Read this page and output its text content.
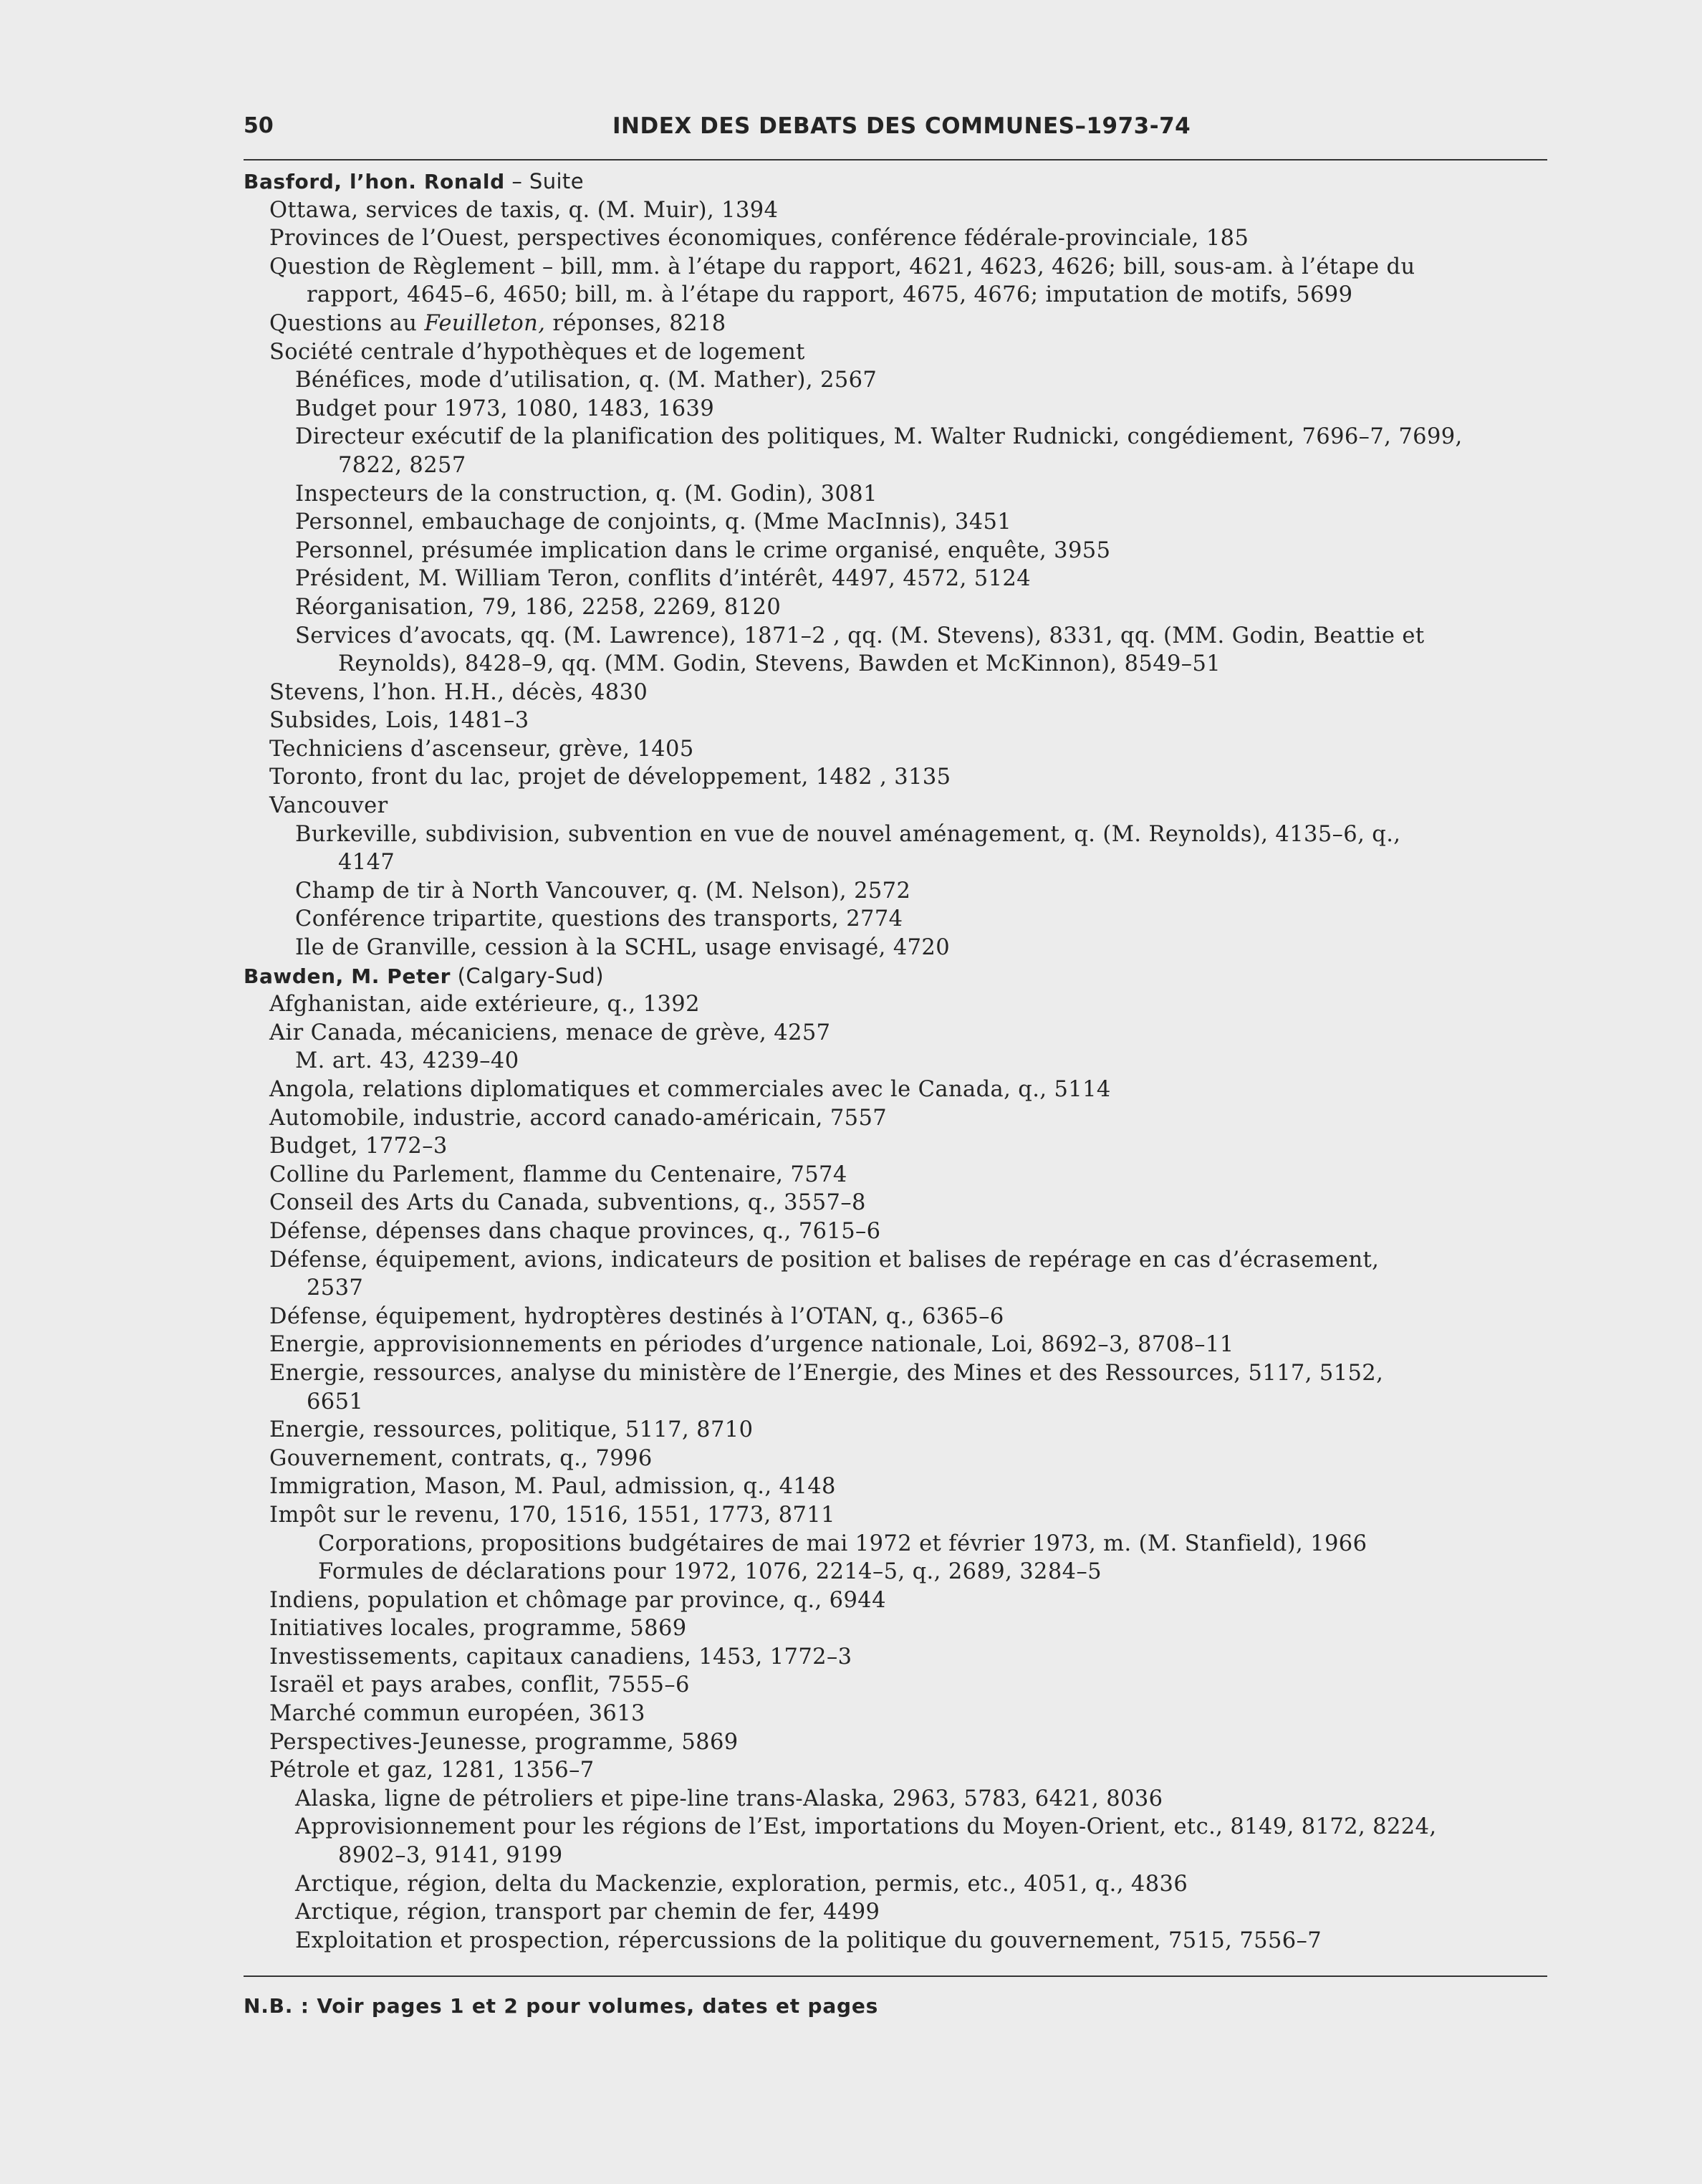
50	INDEX DES DEBATS DES COMMUNES–1973-74
Basford, l’hon. Ronald – Suite
Ottawa, services de taxis, q. (M. Muir), 1394
Provinces de l’Ouest, perspectives économiques, conférence fédérale-provinciale, 185
Question de Règlement – bill, mm. à l’étape du rapport, 4621, 4623, 4626; bill, sous-am. à l’étape du
rapport, 4645–6, 4650; bill, m. à l’étape du rapport, 4675, 4676; imputation de motifs, 5699
Questions au Feuilleton, réponses, 8218
Société centrale d’hypothèques et de logement
Bénéfices, mode d’utilisation, q. (M. Mather), 2567
Budget pour 1973, 1080, 1483, 1639
Directeur exécutif de la planification des politiques, M. Walter Rudnicki, congédiement, 7696–7, 7699,
7822, 8257
Inspecteurs de la construction, q. (M. Godin), 3081
Personnel, embauchage de conjoints, q. (Mme MacInnis), 3451
Personnel, présumée implication dans le crime organisé, enquête, 3955
Président, M. William Teron, conflits d’intérêt, 4497, 4572, 5124
Réorganisation, 79, 186, 2258, 2269, 8120
Services d’avocats, qq. (M. Lawrence), 1871–2 , qq. (M. Stevens), 8331, qq. (MM. Godin, Beattie et
Reynolds), 8428–9, qq. (MM. Godin, Stevens, Bawden et McKinnon), 8549–51
Stevens, l’hon. H.H., décès, 4830
Subsides, Lois, 1481–3
Techniciens d’ascenseur, grève, 1405
Toronto, front du lac, projet de développement, 1482 , 3135
Vancouver
Burkeville, subdivision, subvention en vue de nouvel aménagement, q. (M. Reynolds), 4135–6, q.,
4147
Champ de tir à North Vancouver, q. (M. Nelson), 2572
Conférence tripartite, questions des transports, 2774
Ile de Granville, cession à la SCHL, usage envisagé, 4720
Bawden, M. Peter (Calgary-Sud)
Afghanistan, aide extérieure, q., 1392
Air Canada, mécaniciens, menace de grève, 4257
M. art. 43, 4239–40
Angola, relations diplomatiques et commerciales avec le Canada, q., 5114
Automobile, industrie, accord canado-américain, 7557
Budget, 1772–3
Colline du Parlement, flamme du Centenaire, 7574
Conseil des Arts du Canada, subventions, q., 3557–8
Défense, dépenses dans chaque provinces, q., 7615–6
Défense, équipement, avions, indicateurs de position et balises de repérage en cas d’écrasement,
2537
Défense, équipement, hydroptères destinés à l’OTAN, q., 6365–6
Energie, approvisionnements en périodes d’urgence nationale, Loi, 8692–3, 8708–11
Energie, ressources, analyse du ministère de l’Energie, des Mines et des Ressources, 5117, 5152,
6651
Energie, ressources, politique, 5117, 8710
Gouvernement, contrats, q., 7996
Immigration, Mason, M. Paul, admission, q., 4148
Impôt sur le revenu, 170, 1516, 1551, 1773, 8711
Corporations, propositions budgétaires de mai 1972 et février 1973, m. (M. Stanfield), 1966
Formules de déclarations pour 1972, 1076, 2214–5, q., 2689, 3284–5
Indiens, population et chômage par province, q., 6944
Initiatives locales, programme, 5869
Investissements, capitaux canadiens, 1453, 1772–3
Israël et pays arabes, conflit, 7555–6
Marché commun européen, 3613
Perspectives-Jeunesse, programme, 5869
Pétrole et gaz, 1281, 1356–7
Alaska, ligne de pétroliers et pipe-line trans-Alaska, 2963, 5783, 6421, 8036
Approvisionnement pour les régions de l’Est, importations du Moyen-Orient, etc., 8149, 8172, 8224,
8902–3, 9141, 9199
Arctique, région, delta du Mackenzie, exploration, permis, etc., 4051, q., 4836
Arctique, région, transport par chemin de fer, 4499
Exploitation et prospection, répercussions de la politique du gouvernement, 7515, 7556–7
N.B. : Voir pages 1 et 2 pour volumes, dates et pages
